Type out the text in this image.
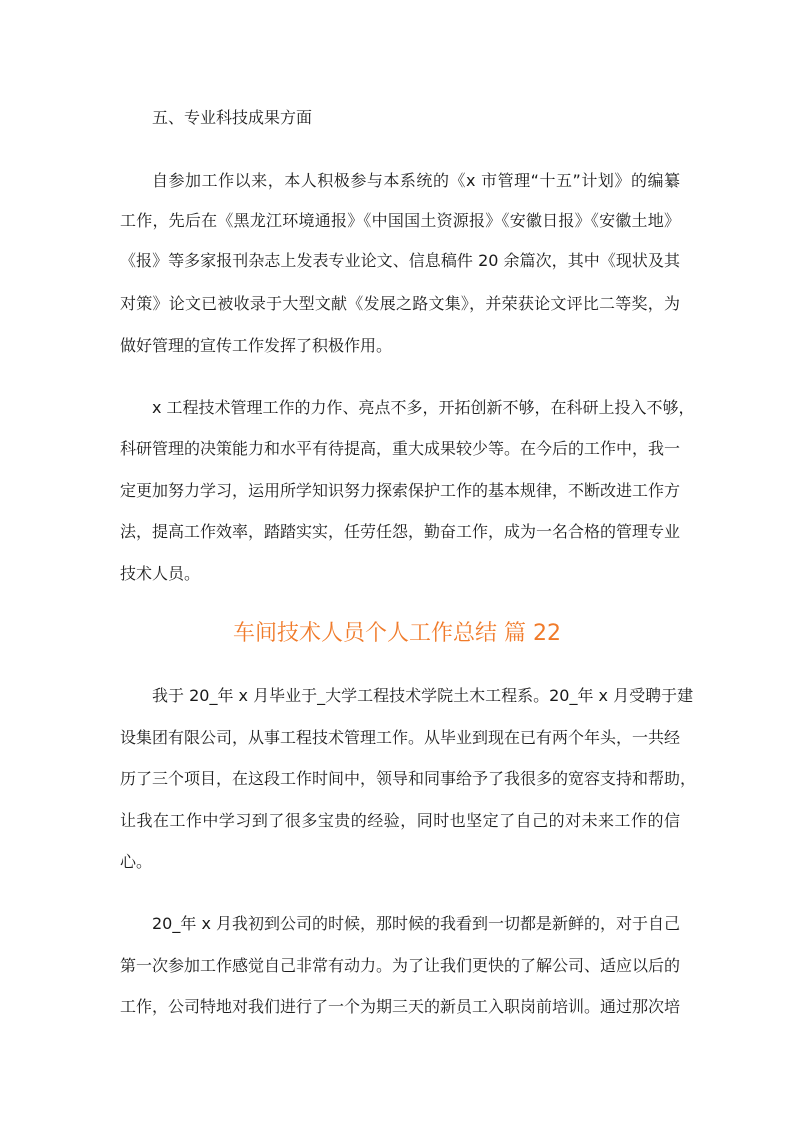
五、专业科技成果方面
自参加工作以来，本人积极参与本系统的《x 市管理“十五”计划》的编纂
工作，先后在《黑龙江环境通报》《中国国土资源报》《安徽日报》《安徽土地》
《报》等多家报刊杂志上发表专业论文、信息稿件 20 余篇次，其中《现状及其
对策》论文已被收录于大型文献《发展之路文集》，并荣获论文评比二等奖，为
做好管理的宣传工作发挥了积极作用。
x 工程技术管理工作的力作、亮点不多，开拓创新不够，在科研上投入不够，
科研管理的决策能力和水平有待提高，重大成果较少等。在今后的工作中，我一
定更加努力学习，运用所学知识努力探索保护工作的基本规律，不断改进工作方
法，提高工作效率，踏踏实实，任劳任怨，勤奋工作，成为一名合格的管理专业
技术人员。
车间技术人员个人工作总结 篇 22
我于 20_年 x 月毕业于_大学工程技术学院土木工程系。20_年 x 月受聘于建
设集团有限公司，从事工程技术管理工作。从毕业到现在已有两个年头，一共经
历了三个项目，在这段工作时间中，领导和同事给予了我很多的宽容支持和帮助，
让我在工作中学习到了很多宝贵的经验，同时也坚定了自己的对未来工作的信
心。
20_年 x 月我初到公司的时候，那时候的我看到一切都是新鲜的，对于自己
第一次参加工作感觉自己非常有动力。为了让我们更快的了解公司、适应以后的
工作，公司特地对我们进行了一个为期三天的新员工入职岗前培训。通过那次培
